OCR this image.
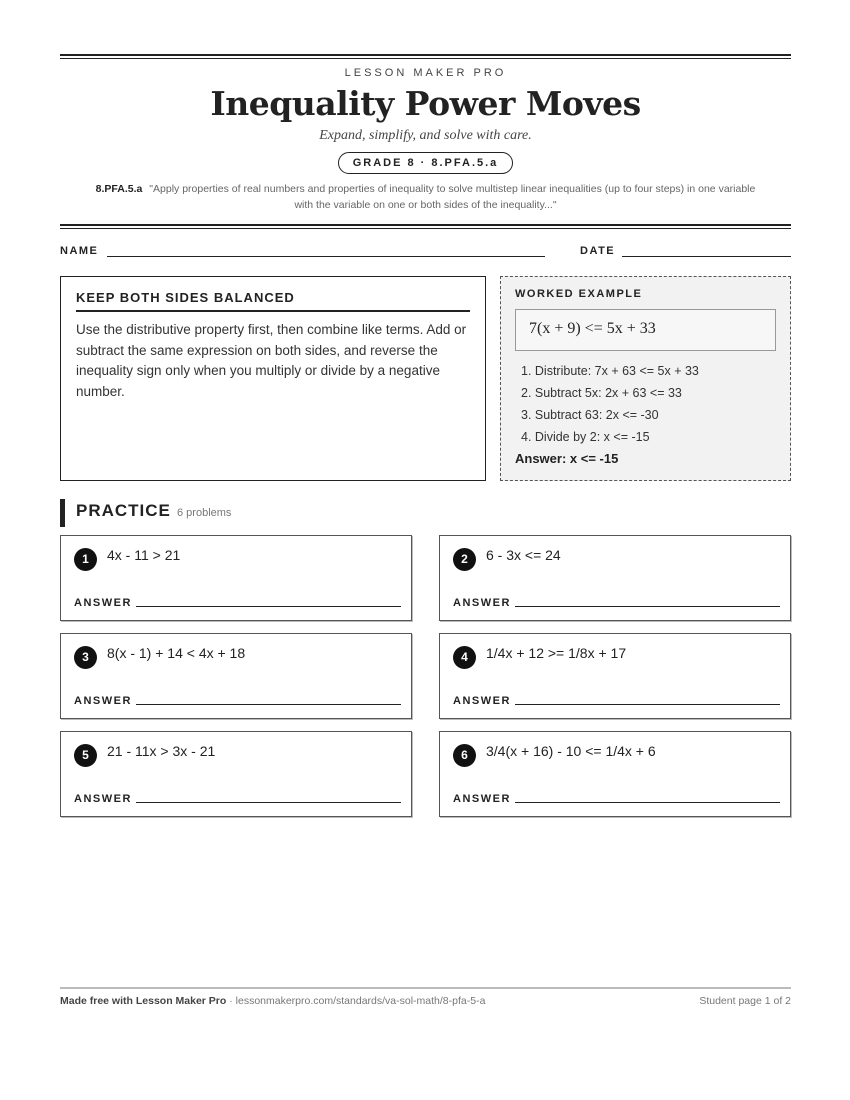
LESSON MAKER PRO
Inequality Power Moves
Expand, simplify, and solve with care.
GRADE 8 · 8.PFA.5.a
8.PFA.5.a "Apply properties of real numbers and properties of inequality to solve multistep linear inequalities (up to four steps) in one variable
with the variable on one or both sides of the inequality..."
NAME	DATE
KEEP BOTH SIDES BALANCED
Use the distributive property first, then combine like terms. Add or subtract the same expression on both sides, and reverse the inequality sign only when you multiply or divide by a negative number.
WORKED EXAMPLE
7(x + 9) <= 5x + 33
1. Distribute: 7x + 63 <= 5x + 33
2. Subtract 5x: 2x + 63 <= 33
3. Subtract 63: 2x <= -30
4. Divide by 2: x <= -15
Answer: x <= -15
PRACTICE 6 problems
1	4x - 11 > 21
ANSWER
2	6 - 3x <= 24
ANSWER
3	8(x - 1) + 14 < 4x + 18
ANSWER
4	1/4x + 12 >= 1/8x + 17
ANSWER
5	21 - 11x > 3x - 21
ANSWER
6	3/4(x + 16) - 10 <= 1/4x + 6
ANSWER
Made free with Lesson Maker Pro · lessonmakerpro.com/standards/va-sol-math/8-pfa-5-a	Student page 1 of 2
